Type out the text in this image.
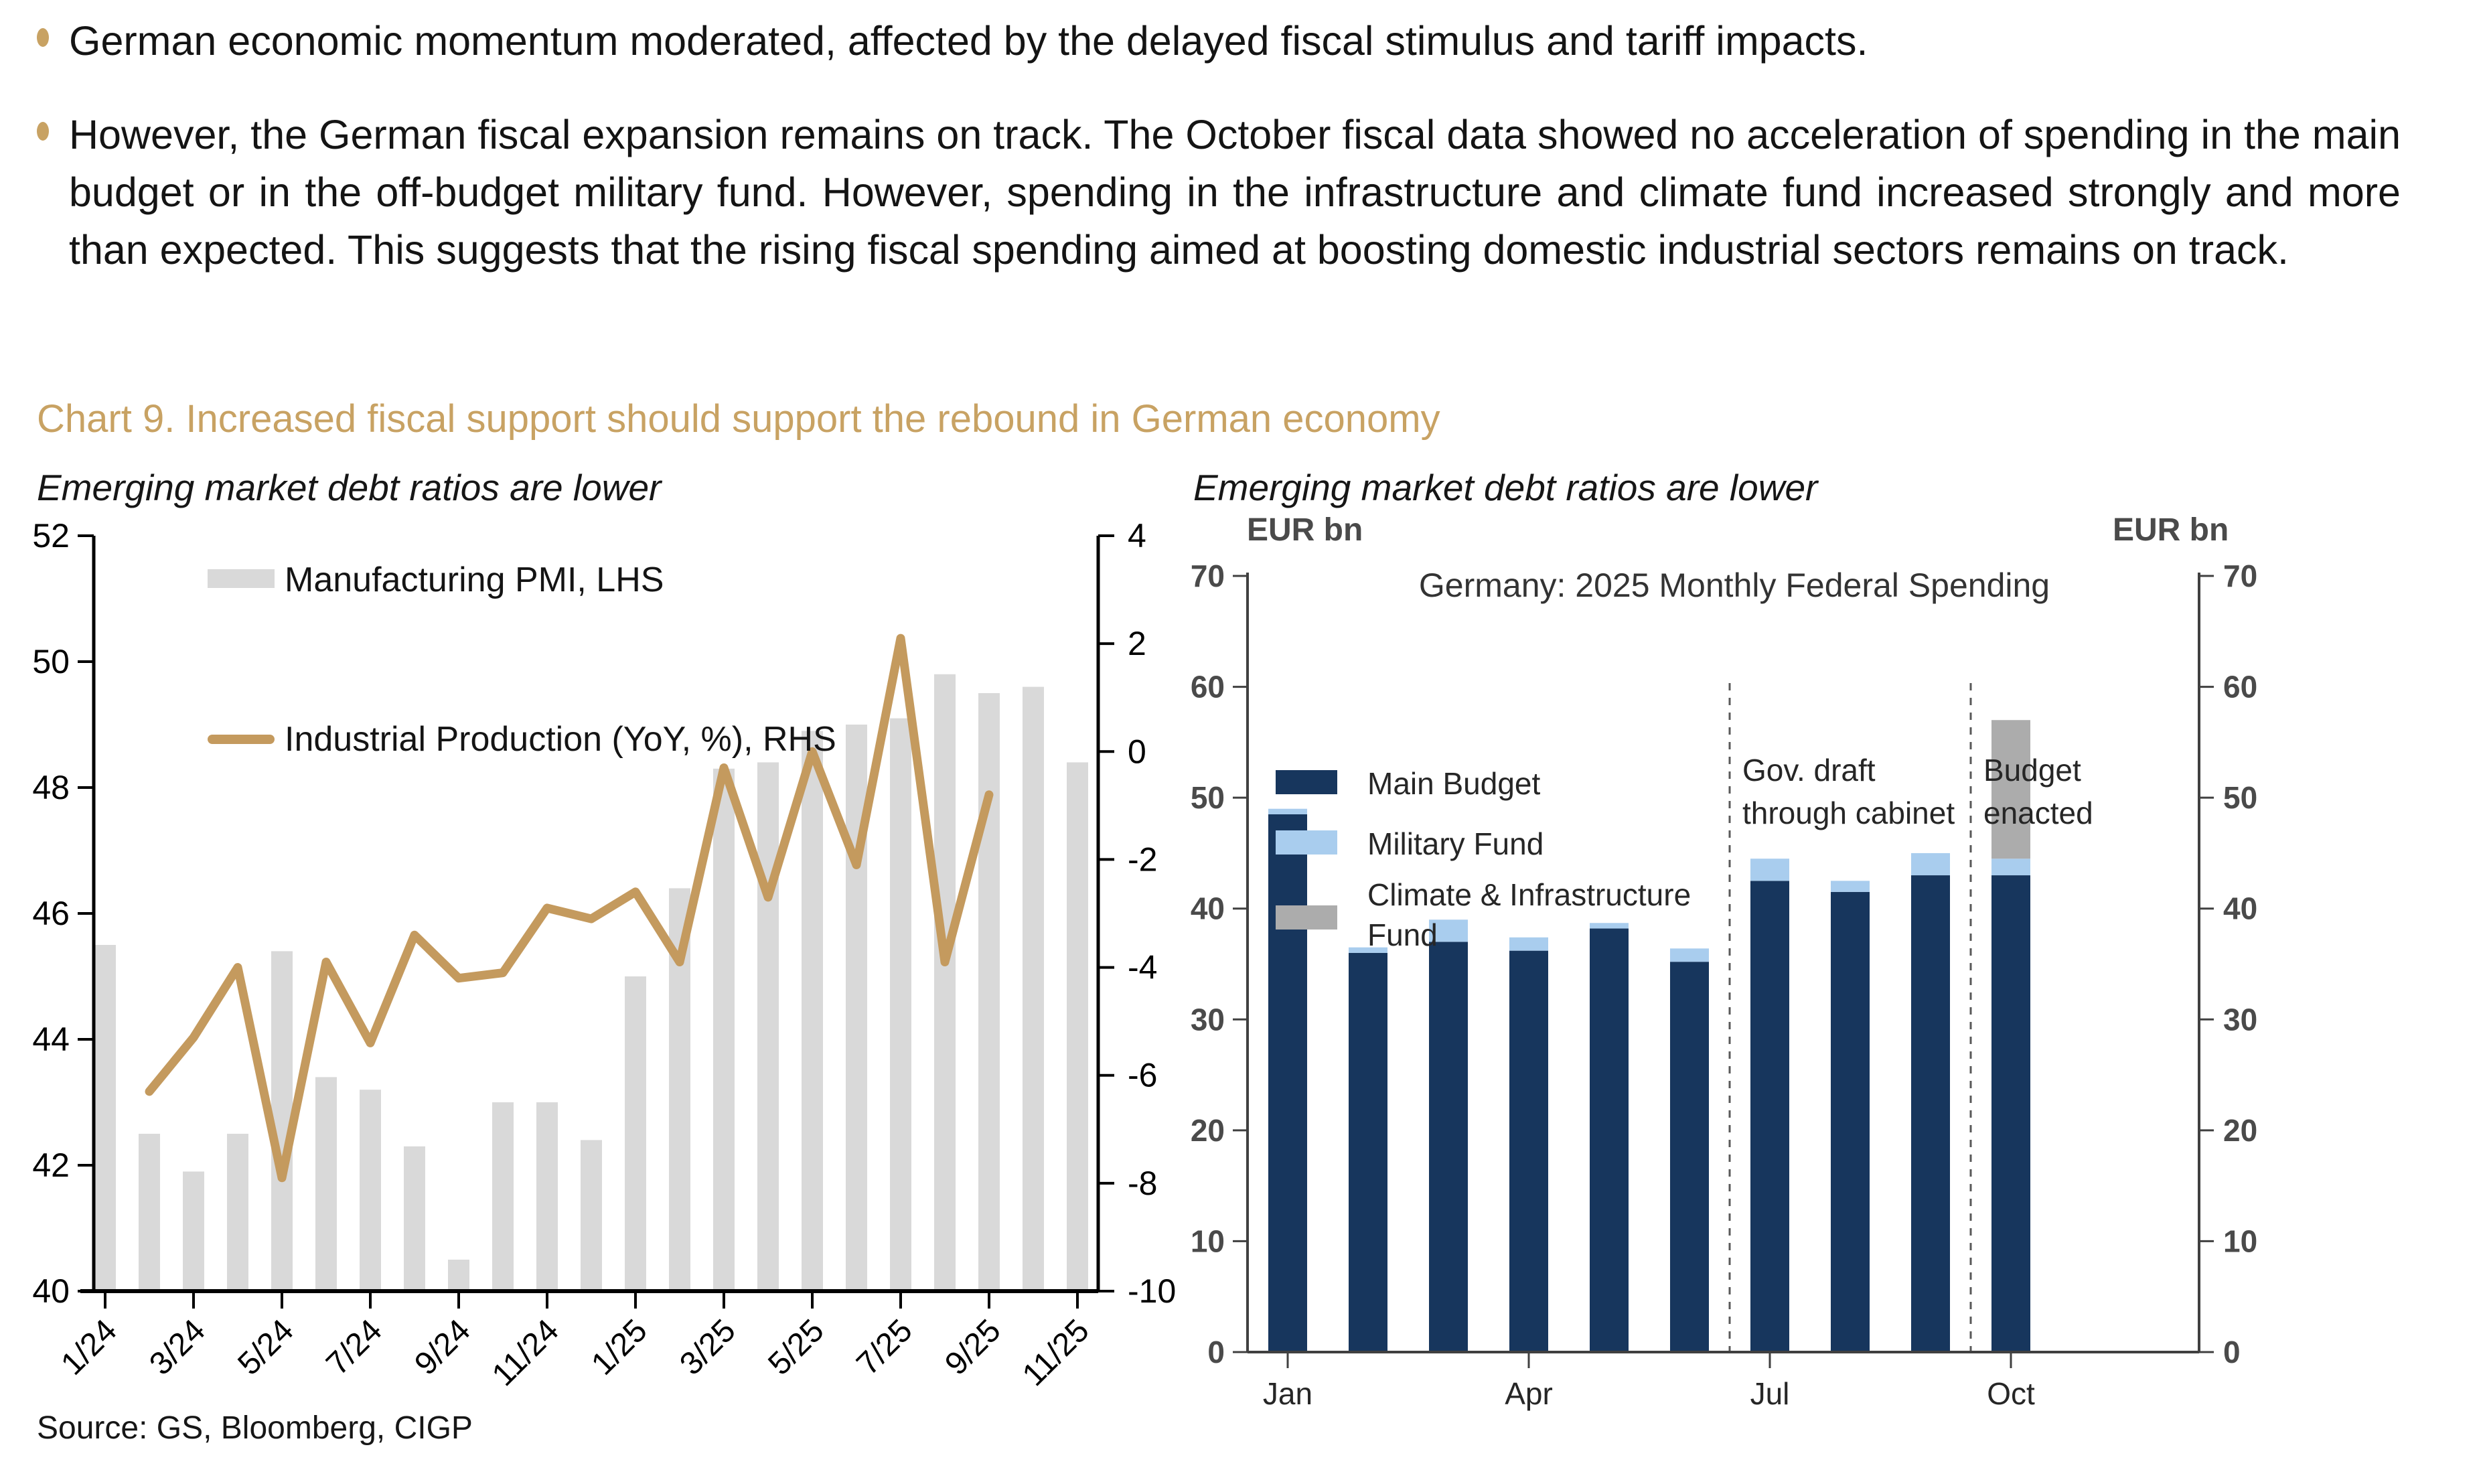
German economic momentum moderated, affected by the delayed fiscal stimulus and tariff impacts.

However, the German fiscal expansion remains on track. The October fiscal data showed no acceleration of spending in the main budget or in the off-budget military fund. However, spending in the infrastructure and climate fund increased strongly and more than expected. This suggests that the rising fiscal spending aimed at boosting domestic industrial sectors remains on track.

Chart 9. Increased fiscal support should support the rebound in German economy
Emerging market debt ratios are lower	Emerging market debt ratios are lower
40
42
44
46
48
50
52
-10
-8
-6
-4
-2
0
2
4
1/24 3/24 5/24 7/24 9/24 11/24 1/25 3/25 5/25 7/25 9/25 11/25	0	0
10	10
20	20
30	30
40	40
50	50
60	60
70	70
Jan	Apr	Jul	Oct
Manufacturing PMI, LHS
Industrial Production (YoY, %), RHS
EUR bn	EUR bn
Germany: 2025 Monthly Federal Spending
Main Budget
Military Fund
Climate & Infrastructure Fund
Gov. draft through cabinet
Budget enacted
Source: GS, Bloomberg, CIGP
